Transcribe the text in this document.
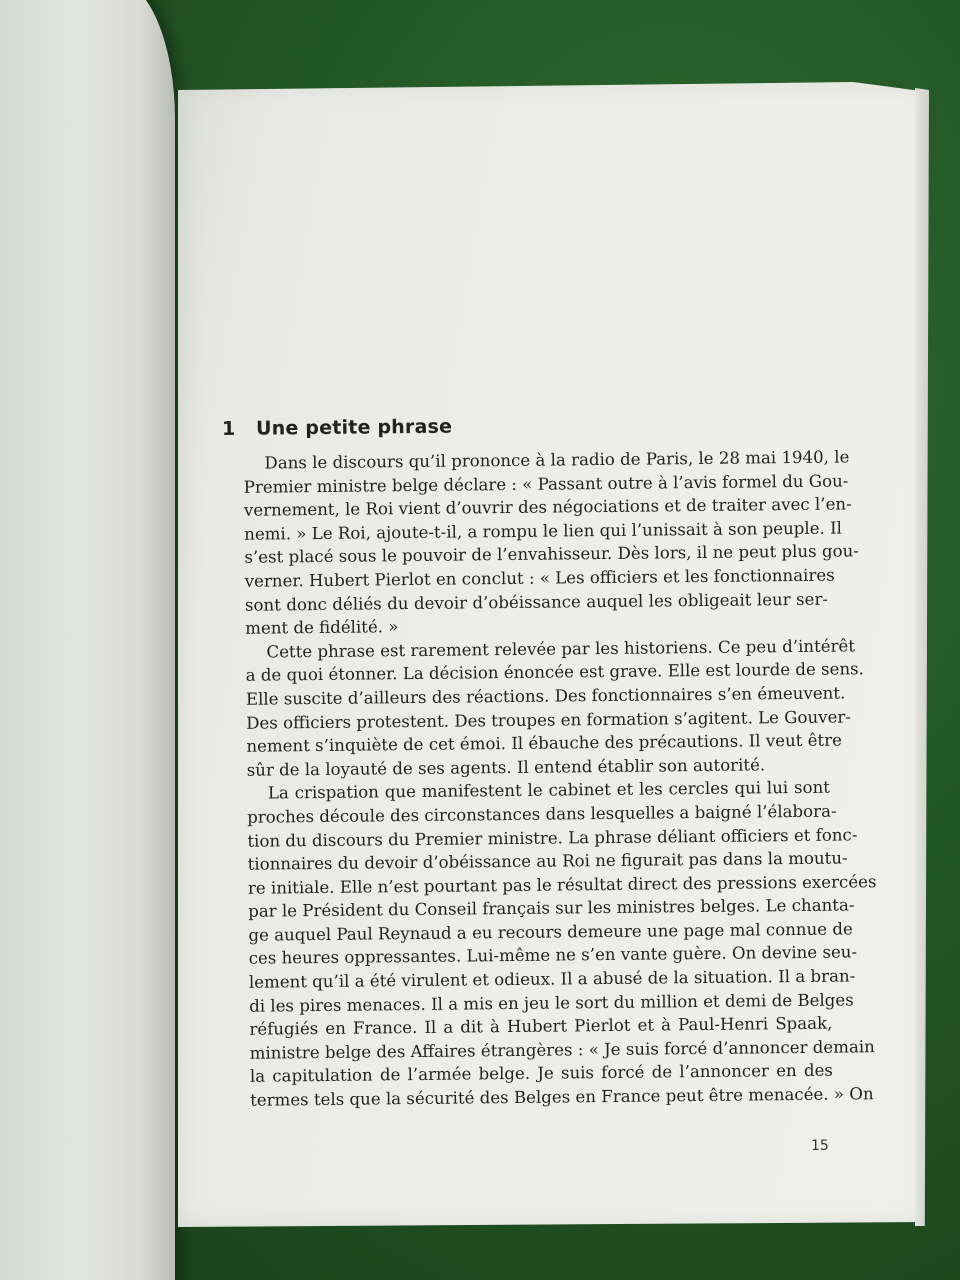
1 Une petite phrase
Dans le discours qu’il prononce à la radio de Paris, le 28 mai 1940, le
Premier ministre belge déclare : « Passant outre à l’avis formel du Gou-
vernement, le Roi vient d’ouvrir des négociations et de traiter avec l’en-
nemi. » Le Roi, ajoute-t-il, a rompu le lien qui l’unissait à son peuple. Il
s’est placé sous le pouvoir de l’envahisseur. Dès lors, il ne peut plus gou-
verner. Hubert Pierlot en conclut : « Les officiers et les fonctionnaires
sont donc déliés du devoir d’obéissance auquel les obligeait leur ser-
ment de fidélité. »
Cette phrase est rarement relevée par les historiens. Ce peu d’intérêt
a de quoi étonner. La décision énoncée est grave. Elle est lourde de sens.
Elle suscite d’ailleurs des réactions. Des fonctionnaires s’en émeuvent.
Des officiers protestent. Des troupes en formation s’agitent. Le Gouver-
nement s’inquiète de cet émoi. Il ébauche des précautions. Il veut être
sûr de la loyauté de ses agents. Il entend établir son autorité.
La crispation que manifestent le cabinet et les cercles qui lui sont
proches découle des circonstances dans lesquelles a baigné l’élabora-
tion du discours du Premier ministre. La phrase déliant officiers et fonc-
tionnaires du devoir d’obéissance au Roi ne figurait pas dans la moutu-
re initiale. Elle n’est pourtant pas le résultat direct des pressions exercées
par le Président du Conseil français sur les ministres belges. Le chanta-
ge auquel Paul Reynaud a eu recours demeure une page mal connue de
ces heures oppressantes. Lui-même ne s’en vante guère. On devine seu-
lement qu’il a été virulent et odieux. Il a abusé de la situation. Il a bran-
di les pires menaces. Il a mis en jeu le sort du million et demi de Belges
réfugiés en France. Il a dit à Hubert Pierlot et à Paul-Henri Spaak,
ministre belge des Affaires étrangères : « Je suis forcé d’annoncer demain
la capitulation de l’armée belge. Je suis forcé de l’annoncer en des
termes tels que la sécurité des Belges en France peut être menacée. » On
15
